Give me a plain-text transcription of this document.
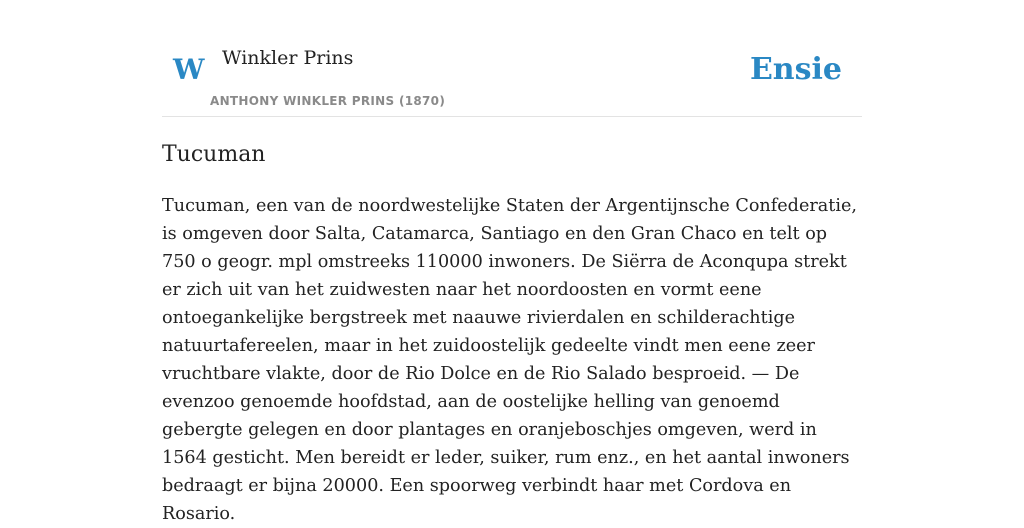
W Winkler Prins
ANTHONY WINKLER PRINS (1870)
Ensie
Tucuman

Tucuman, een van de noordwestelijke Staten der Argentijnsche Confederatie, is omgeven door Salta, Catamarca, Santiago en den Gran Chaco en telt op 750 o geogr. mpl omstreeks 110000 inwoners. De Siërra de Aconqupa strekt er zich uit van het zuidwesten naar het noordoosten en vormt eene ontoegankelijke bergstreek met naauwe rivierdalen en schilderachtige natuurtafereelen, maar in het zuidoostelijk gedeelte vindt men eene zeer vruchtbare vlakte, door de Rio Dolce en de Rio Salado besproeid. — De evenzoo genoemde hoofdstad, aan de oostelijke helling van genoemd gebergte gelegen en door plantages en oranjeboschjes omgeven, werd in 1564 gesticht. Men bereidt er leder, suiker, rum enz., en het aantal inwoners bedraagt er bijna 20000. Een spoorweg verbindt haar met Cordova en Rosario.
